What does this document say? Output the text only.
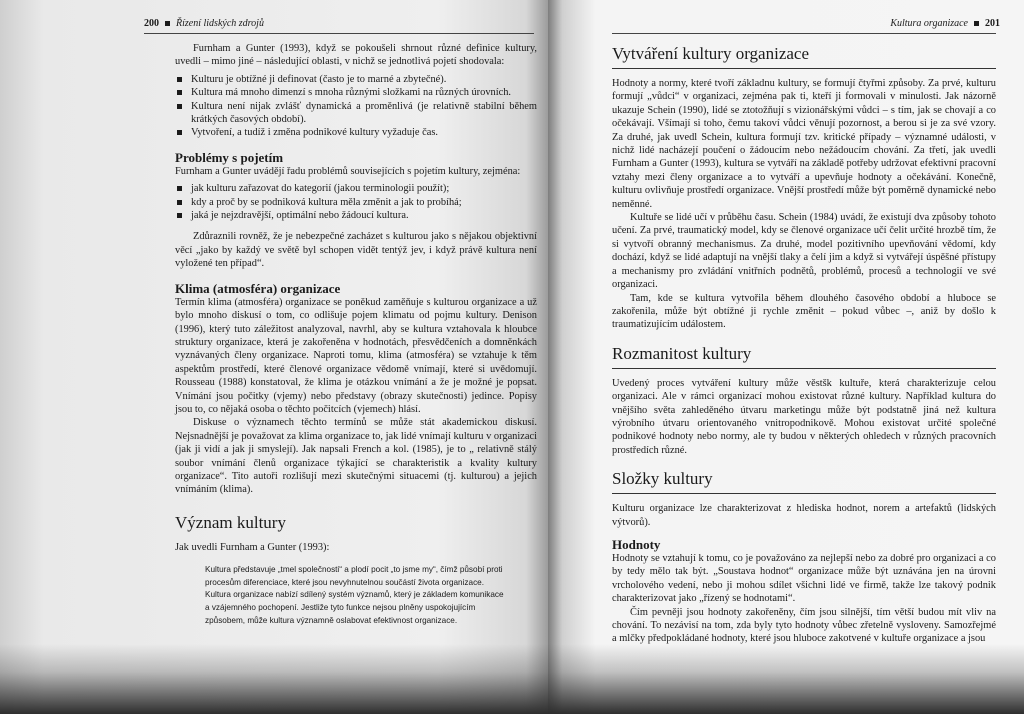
200 Řízení lidských zdrojů

Furnham a Gunter (1993), když se pokoušeli shrnout různé definice kultury, uvedli – mimo jiné – následující oblasti, v nichž se jednotlivá pojetí shodovala:

Kulturu je obtížné ji definovat (často je to marné a zbytečné).
Kultura má mnoho dimenzí s mnoha různými složkami na různých úrovních.
Kultura není nijak zvlášť dynamická a proměnlivá (je relativně stabilní během krátkých časových období).
Vytvoření, a tudíž i změna podnikové kultury vyžaduje čas.
Problémy s pojetím

Furnham a Gunter uvádějí řadu problémů souvisejících s pojetím kultury, zejména:

jak kulturu zařazovat do kategorií (jakou terminologii použít);
kdy a proč by se podniková kultura měla změnit a jak to probíhá;
jaká je nejzdravější, optimální nebo žádoucí kultura.

Zdůraznili rovněž, že je nebezpečné zacházet s kulturou jako s nějakou objektivní věcí „jako by každý ve světě byl schopen vidět tentýž jev, i když právě kultura není vyložené ten případ“.

Klima (atmosféra) organizace

Termín klima (atmosféra) organizace se poněkud zaměňuje s kulturou organizace a už bylo mnoho diskusí o tom, co odlišuje pojem klimatu od pojmu kultury. Denison (1996), který tuto záležitost analyzoval, navrhl, aby se kultura vztahovala k hloubce struktury organizace, která je zakořeněna v hodnotách, přesvědčeních a domněnkách vyznávaných členy organizace. Naproti tomu, klima (atmosféra) se vztahuje k těm aspektům prostředí, které členové organizace vědomě vnímají, které si uvědomují. Rousseau (1988) konstatoval, že klima je otázkou vnímání a že je možné je popsat. Vnímání jsou počitky (vjemy) nebo představy (obrazy skutečnosti) jedince. Popisy jsou to, co nějaká osoba o těchto počitcích (vjemech) hlásí.

Diskuse o významech těchto termínů se může stát akademickou diskusí. Nejsnadnější je považovat za klima organizace to, jak lidé vnímají kulturu v organizaci (jak ji vidí a jak ji smyslejí). Jak napsali French a kol. (1985), je to „ relativně stálý soubor vnímání členů organizace týkající se charakteristik a kvality kultury organizace“. Tito autoři rozlišují mezi skutečnými situacemi (tj. kulturou) a jejich vnímáním (klima).

Význam kultury

Jak uvedli Furnham a Gunter (1993):

Kultura představuje „tmel společnosti“ a plodí pocit „to jsme my“, čímž působí proti procesům diferenciace, které jsou nevyhnutelnou součástí života organizace. Kultura organizace nabízí sdílený systém významů, který je základem komunikace a vzájemného pochopení. Jestliže tyto funkce nejsou plněny uspokojujícím způsobem, může kultura významně oslabovat efektivnost organizace.

Kultura organizace 201
Vytváření kultury organizace

Hodnoty a normy, které tvoří základnu kultury, se formují čtyřmi způsoby. Za prvé, kulturu formují „vůdci“ v organizaci, zejména pak ti, kteří ji formovali v minulosti. Jak názorně ukazuje Schein (1990), lidé se ztotožňují s vizionářskými vůdci – s tím, jak se chovají a co očekávají. Všímají si toho, čemu takoví vůdci věnují pozornost, a berou si je za své vzory. Za druhé, jak uvedl Schein, kultura formují tzv. kritické případy – významné události, v nichž lidé nacházejí poučení o žádoucím nebo nežádoucím chování. Za třetí, jak uvedli Furnham a Gunter (1993), kultura se vytváří na základě potřeby udržovat efektivní pracovní vztahy mezi členy organizace a to vytváří a upevňuje hodnoty a očekávání. Konečně, kulturu ovlivňuje prostředí organizace. Vnější prostředí může být poměrně dynamické nebo neměnné.

Kultuře se lidé učí v průběhu času. Schein (1984) uvádí, že existují dva způsoby tohoto učení. Za prvé, traumatický model, kdy se členové organizace učí čelit určité hrozbě tím, že si vytvoří obranný mechanismus. Za druhé, model pozitivního upevňování vědomí, kdy dochází, když se lidé adaptují na vnější tlaky a čelí jim a když si vytvářejí úspěšné přístupy a mechanismy pro zvládání vnitřních podnětů, problémů, procesů a technologií ve své organizaci.

Tam, kde se kultura vytvořila během dlouhého časového období a hluboce se zakořenila, může být obtížné ji rychle změnit – pokud vůbec –, aniž by došlo k traumatizujícím událostem.

Rozmanitost kultury

Uvedený proces vytváření kultury může věstšk kultuře, která charakterizuje celou organizaci. Ale v rámci organizací mohou existovat různé kultury. Například kultura do vnějšího světa zahleděného útvaru marketingu může být podstatně jiná než kultura výrobního útvaru orientovaného vnitropodnikově. Mohou existovat určité společné podnikové hodnoty nebo normy, ale ty budou v některých ohledech v různých pracovních prostředích různé.

Složky kultury

Kulturu organizace lze charakterizovat z hlediska hodnot, norem a artefaktů (lidských výtvorů).

Hodnoty

Hodnoty se vztahují k tomu, co je považováno za nejlepší nebo za dobré pro organizaci a co by tedy mělo tak být. „Soustava hodnot“ organizace může být uznávána jen na úrovni vrcholového vedení, nebo ji mohou sdílet všichni lidé ve firmě, takže lze takový podnik charakterizovat jako „řízený se hodnotami“.

Čím pevněji jsou hodnoty zakořeněny, čím jsou silnější, tím větší budou mít vliv na chování. To nezávisí na tom, zda byly tyto hodnoty vůbec zřetelně vysloveny. Samozřejmé a mlčky předpokládané hodnoty, které jsou hluboce zakotvené v kultuře organizace a jsou
